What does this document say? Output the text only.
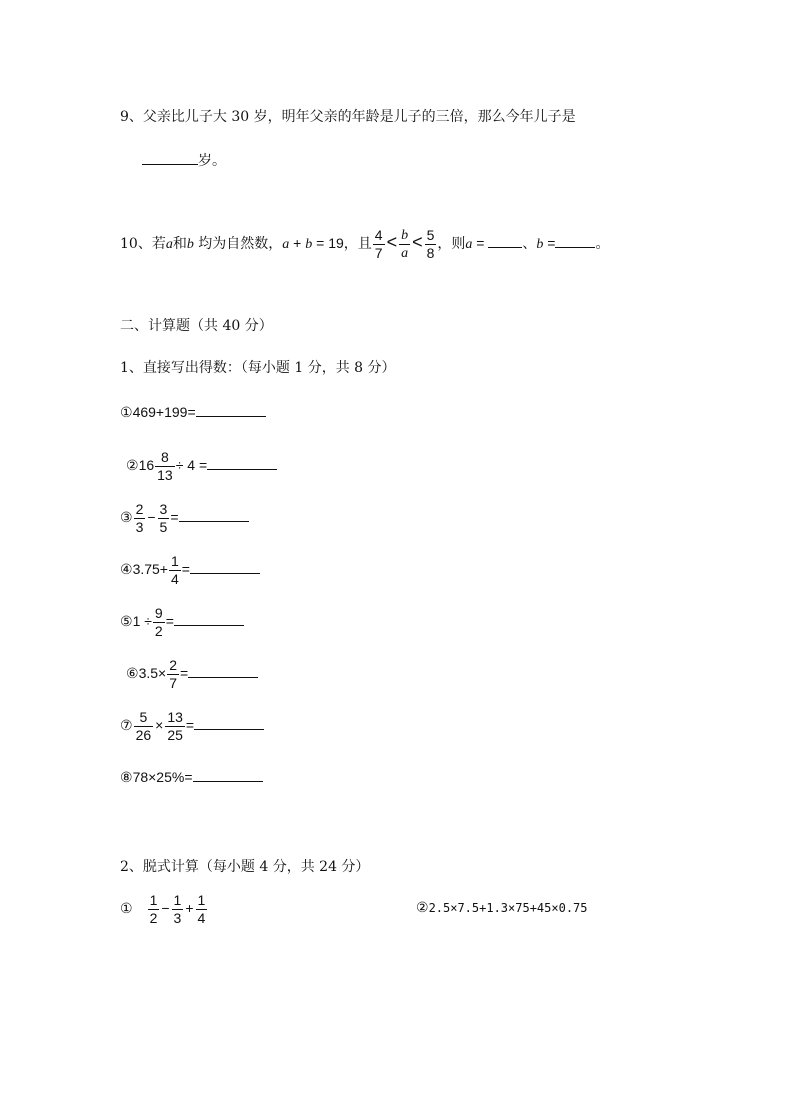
9、父亲比儿子大 30 岁，明年父亲的年龄是儿子的三倍，那么今年儿子是
岁。
10、若a和b 均为自然数，a + b = 19，且 $\frac{4}{7} < \frac{b}{a} < \frac{5}{8}$ ，则a = 、b =	。
二、计算题（共 40 分）
1、直接写出得数：（每小题 1 分，共 8 分）
①469+199=
②16 $\frac{8}{13} \div 4$ =
③ $\frac{2}{3} - \frac{3}{5}$ =
④3.75+ $\frac{1}{4}$ =
⑤1 ÷ $\frac{9}{2}$ =
⑥3.5× $\frac{2}{7}$ =
⑦ $\frac{5}{26} \times \frac{13}{25}$ =
⑧78×25%=
2、脱式计算（每小题 4 分，共 24 分）
① $\frac{1}{2} - \frac{1}{3} + \frac{1}{4}$	②2.5×7.5+1.3×75+45×0.75
